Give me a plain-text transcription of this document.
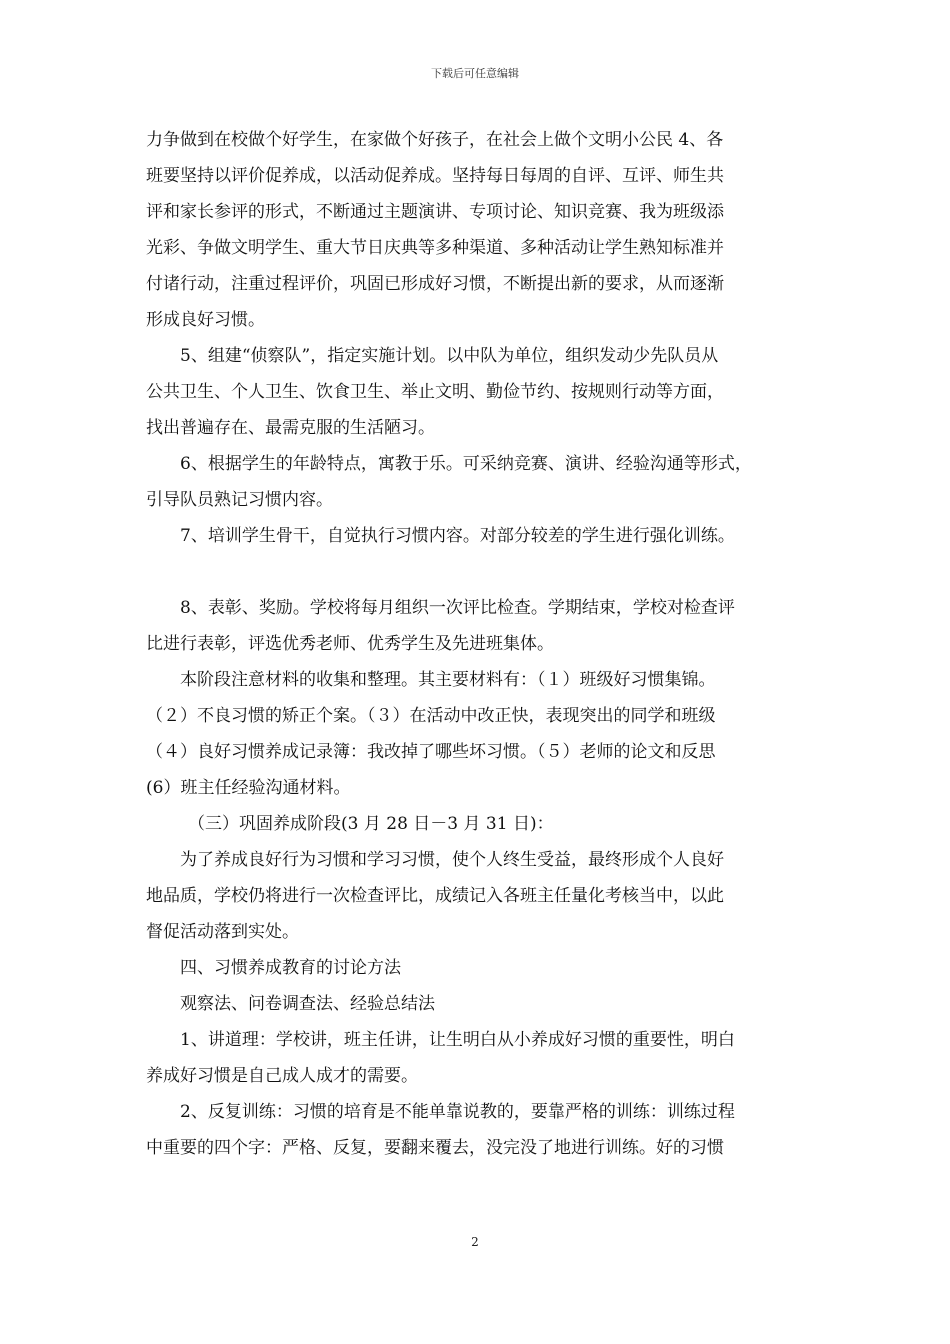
下载后可任意编辑
力争做到在校做个好学生，在家做个好孩子，在社会上做个文明小公民 4、各
班要坚持以评价促养成，以活动促养成。坚持每日每周的自评、互评、师生共
评和家长参评的形式，不断通过主题演讲、专项讨论、知识竞赛、我为班级添
光彩、争做文明学生、重大节日庆典等多种渠道、多种活动让学生熟知标准并
付诸行动，注重过程评价，巩固已形成好习惯，不断提出新的要求，从而逐渐
形成良好习惯。
5、组建“侦察队”，指定实施计划。以中队为单位，组织发动少先队员从
公共卫生、个人卫生、饮食卫生、举止文明、勤俭节约、按规则行动等方面，
找出普遍存在、最需克服的生活陋习。
6、根据学生的年龄特点，寓教于乐。可采纳竞赛、演讲、经验沟通等形式，
引导队员熟记习惯内容。
7、培训学生骨干，自觉执行习惯内容。对部分较差的学生进行强化训练。
8、表彰、奖励。学校将每月组织一次评比检查。学期结束，学校对检查评
比进行表彰，评选优秀老师、优秀学生及先进班集体。
本阶段注意材料的收集和整理。其主要材料有：（１）班级好习惯集锦。
（２）不良习惯的矫正个案。（３）在活动中改正快，表现突出的同学和班级
（４）良好习惯养成记录簿：我改掉了哪些坏习惯。（５）老师的论文和反思
(6）班主任经验沟通材料。
（三）巩固养成阶段(3 月 28 日－3 月 31 日)：
为了养成良好行为习惯和学习习惯，使个人终生受益，最终形成个人良好
地品质，学校仍将进行一次检查评比，成绩记入各班主任量化考核当中，以此
督促活动落到实处。
四、习惯养成教育的讨论方法
观察法、问卷调查法、经验总结法
1、讲道理：学校讲，班主任讲，让生明白从小养成好习惯的重要性，明白
养成好习惯是自己成人成才的需要。
2、反复训练：习惯的培育是不能单靠说教的，要靠严格的训练：训练过程
中重要的四个字：严格、反复，要翻来覆去，没完没了地进行训练。好的习惯
2
